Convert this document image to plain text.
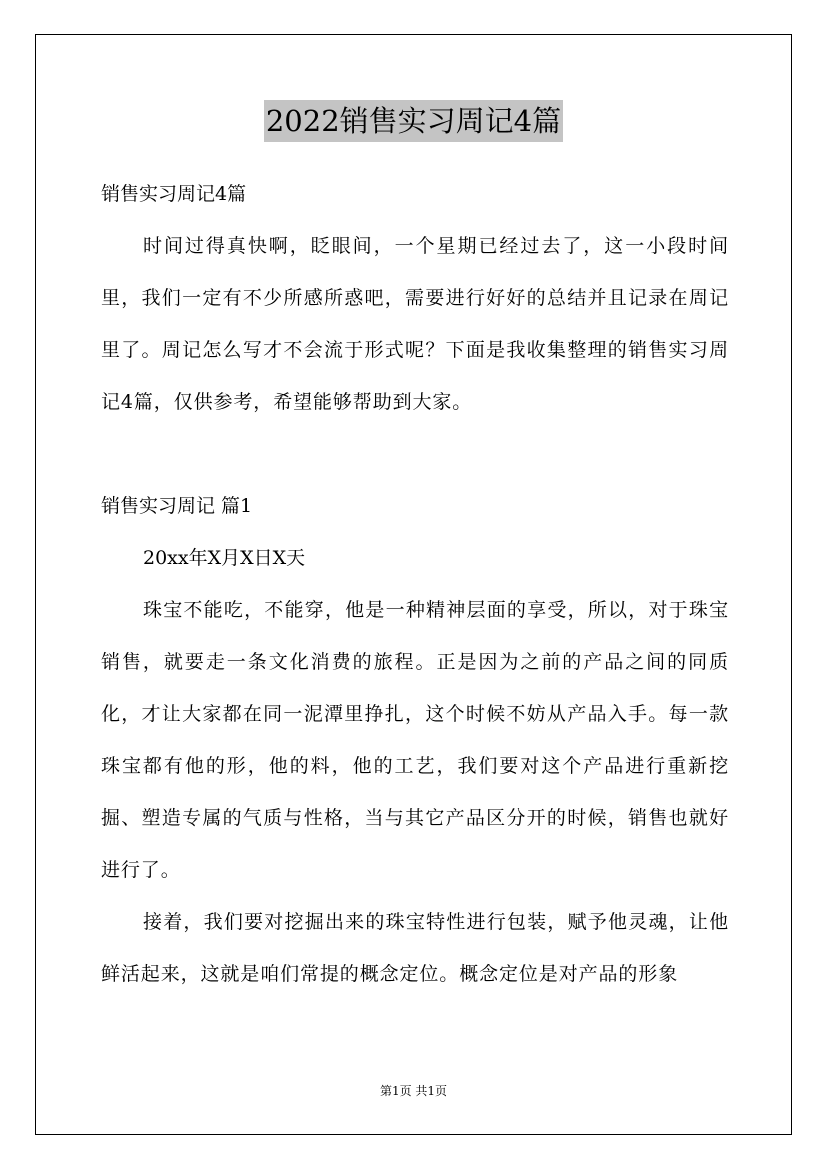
2022销售实习周记4篇
销售实习周记4篇

时间过得真快啊，眨眼间，一个星期已经过去了，这一小段时间里，我们一定有不少所感所惑吧，需要进行好好的总结并且记录在周记里了。周记怎么写才不会流于形式呢？下面是我收集整理的销售实习周记4篇，仅供参考，希望能够帮助到大家。

销售实习周记 篇1
20xx年X月X日X天

珠宝不能吃，不能穿，他是一种精神层面的享受，所以，对于珠宝销售，就要走一条文化消费的旅程。正是因为之前的产品之间的同质化，才让大家都在同一泥潭里挣扎，这个时候不妨从产品入手。每一款珠宝都有他的形，他的料，他的工艺，我们要对这个产品进行重新挖掘、塑造专属的气质与性格，当与其它产品区分开的时候，销售也就好进行了。

接着，我们要对挖掘出来的珠宝特性进行包装，赋予他灵魂，让他鲜活起来，这就是咱们常提的概念定位。概念定位是对产品的形象

第1页 共1页
